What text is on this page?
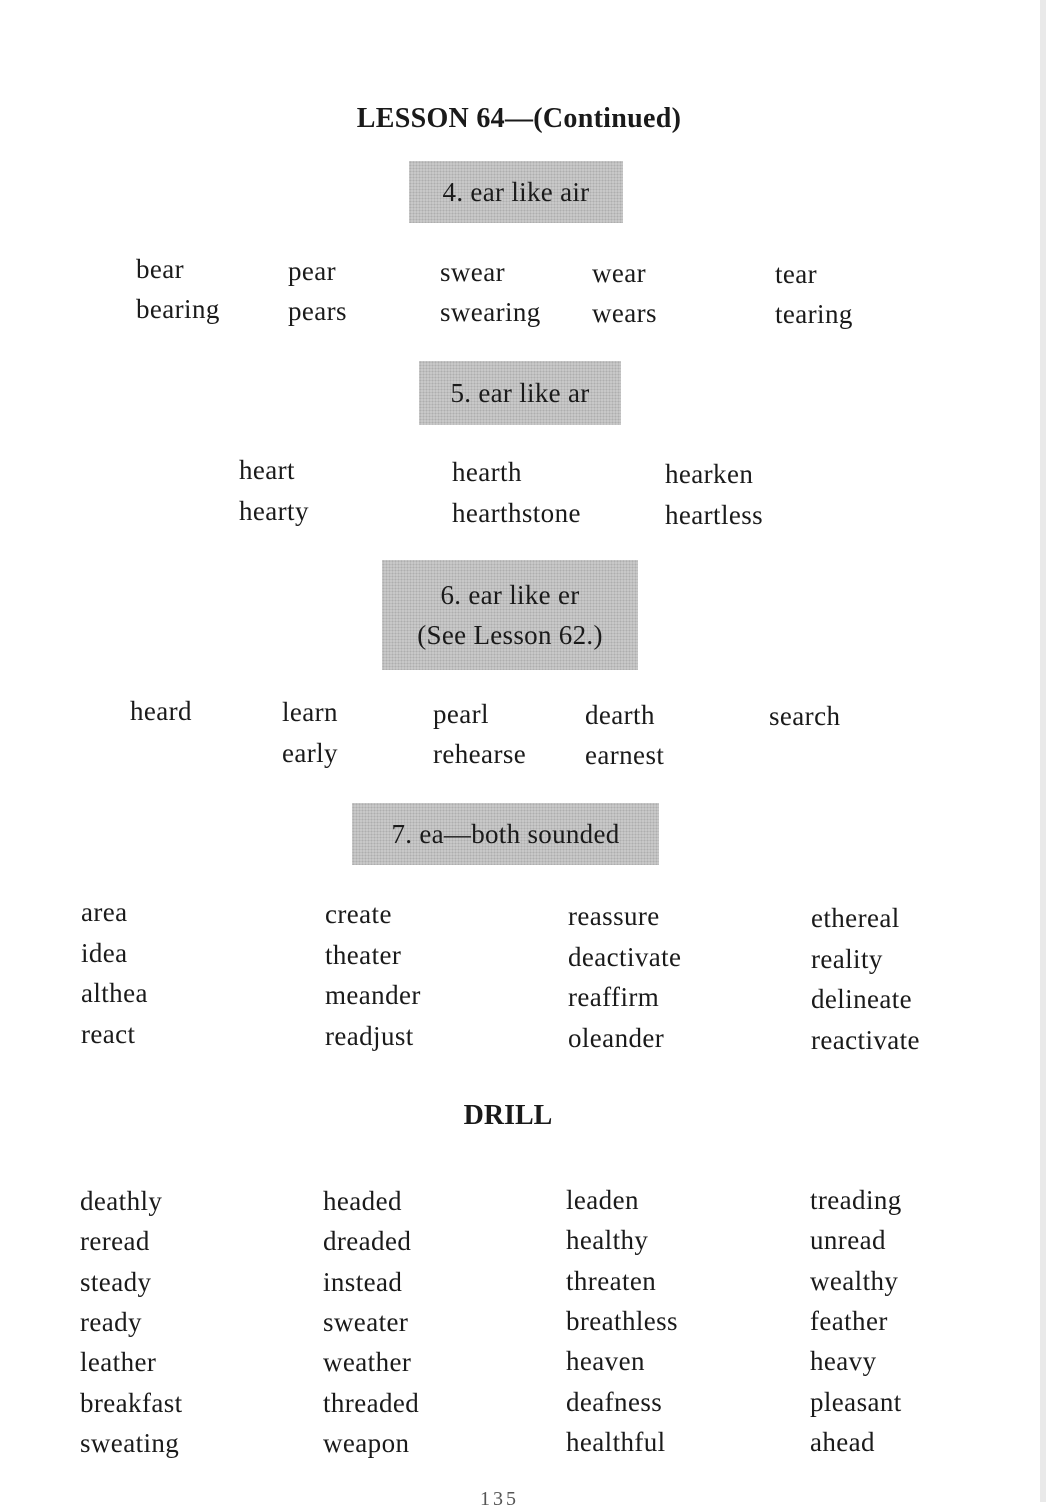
LESSON 64—(Continued)
DRILL
135
4. ear like air
bear
bearing
pear
pears
swear
swearing
wear
wears
tear
tearing
5. ear like ar
heart
hearty
hearth
hearthstone
hearken
heartless
6. ear like er
(See Lesson 62.)
heard	learn
early
pearl
rehearse
dearth
earnest
search
7. ea—both sounded
area
idea
althea
react
create
theater
meander
readjust
reassure
deactivate
reaffirm
oleander
ethereal
reality
delineate
reactivate
deathly
reread
steady
ready
leather
breakfast
sweating
headed
dreaded
instead
sweater
weather
threaded
weapon
leaden
healthy
threaten
breathless
heaven
deafness
healthful
treading
unread
wealthy
feather
heavy
pleasant
ahead
